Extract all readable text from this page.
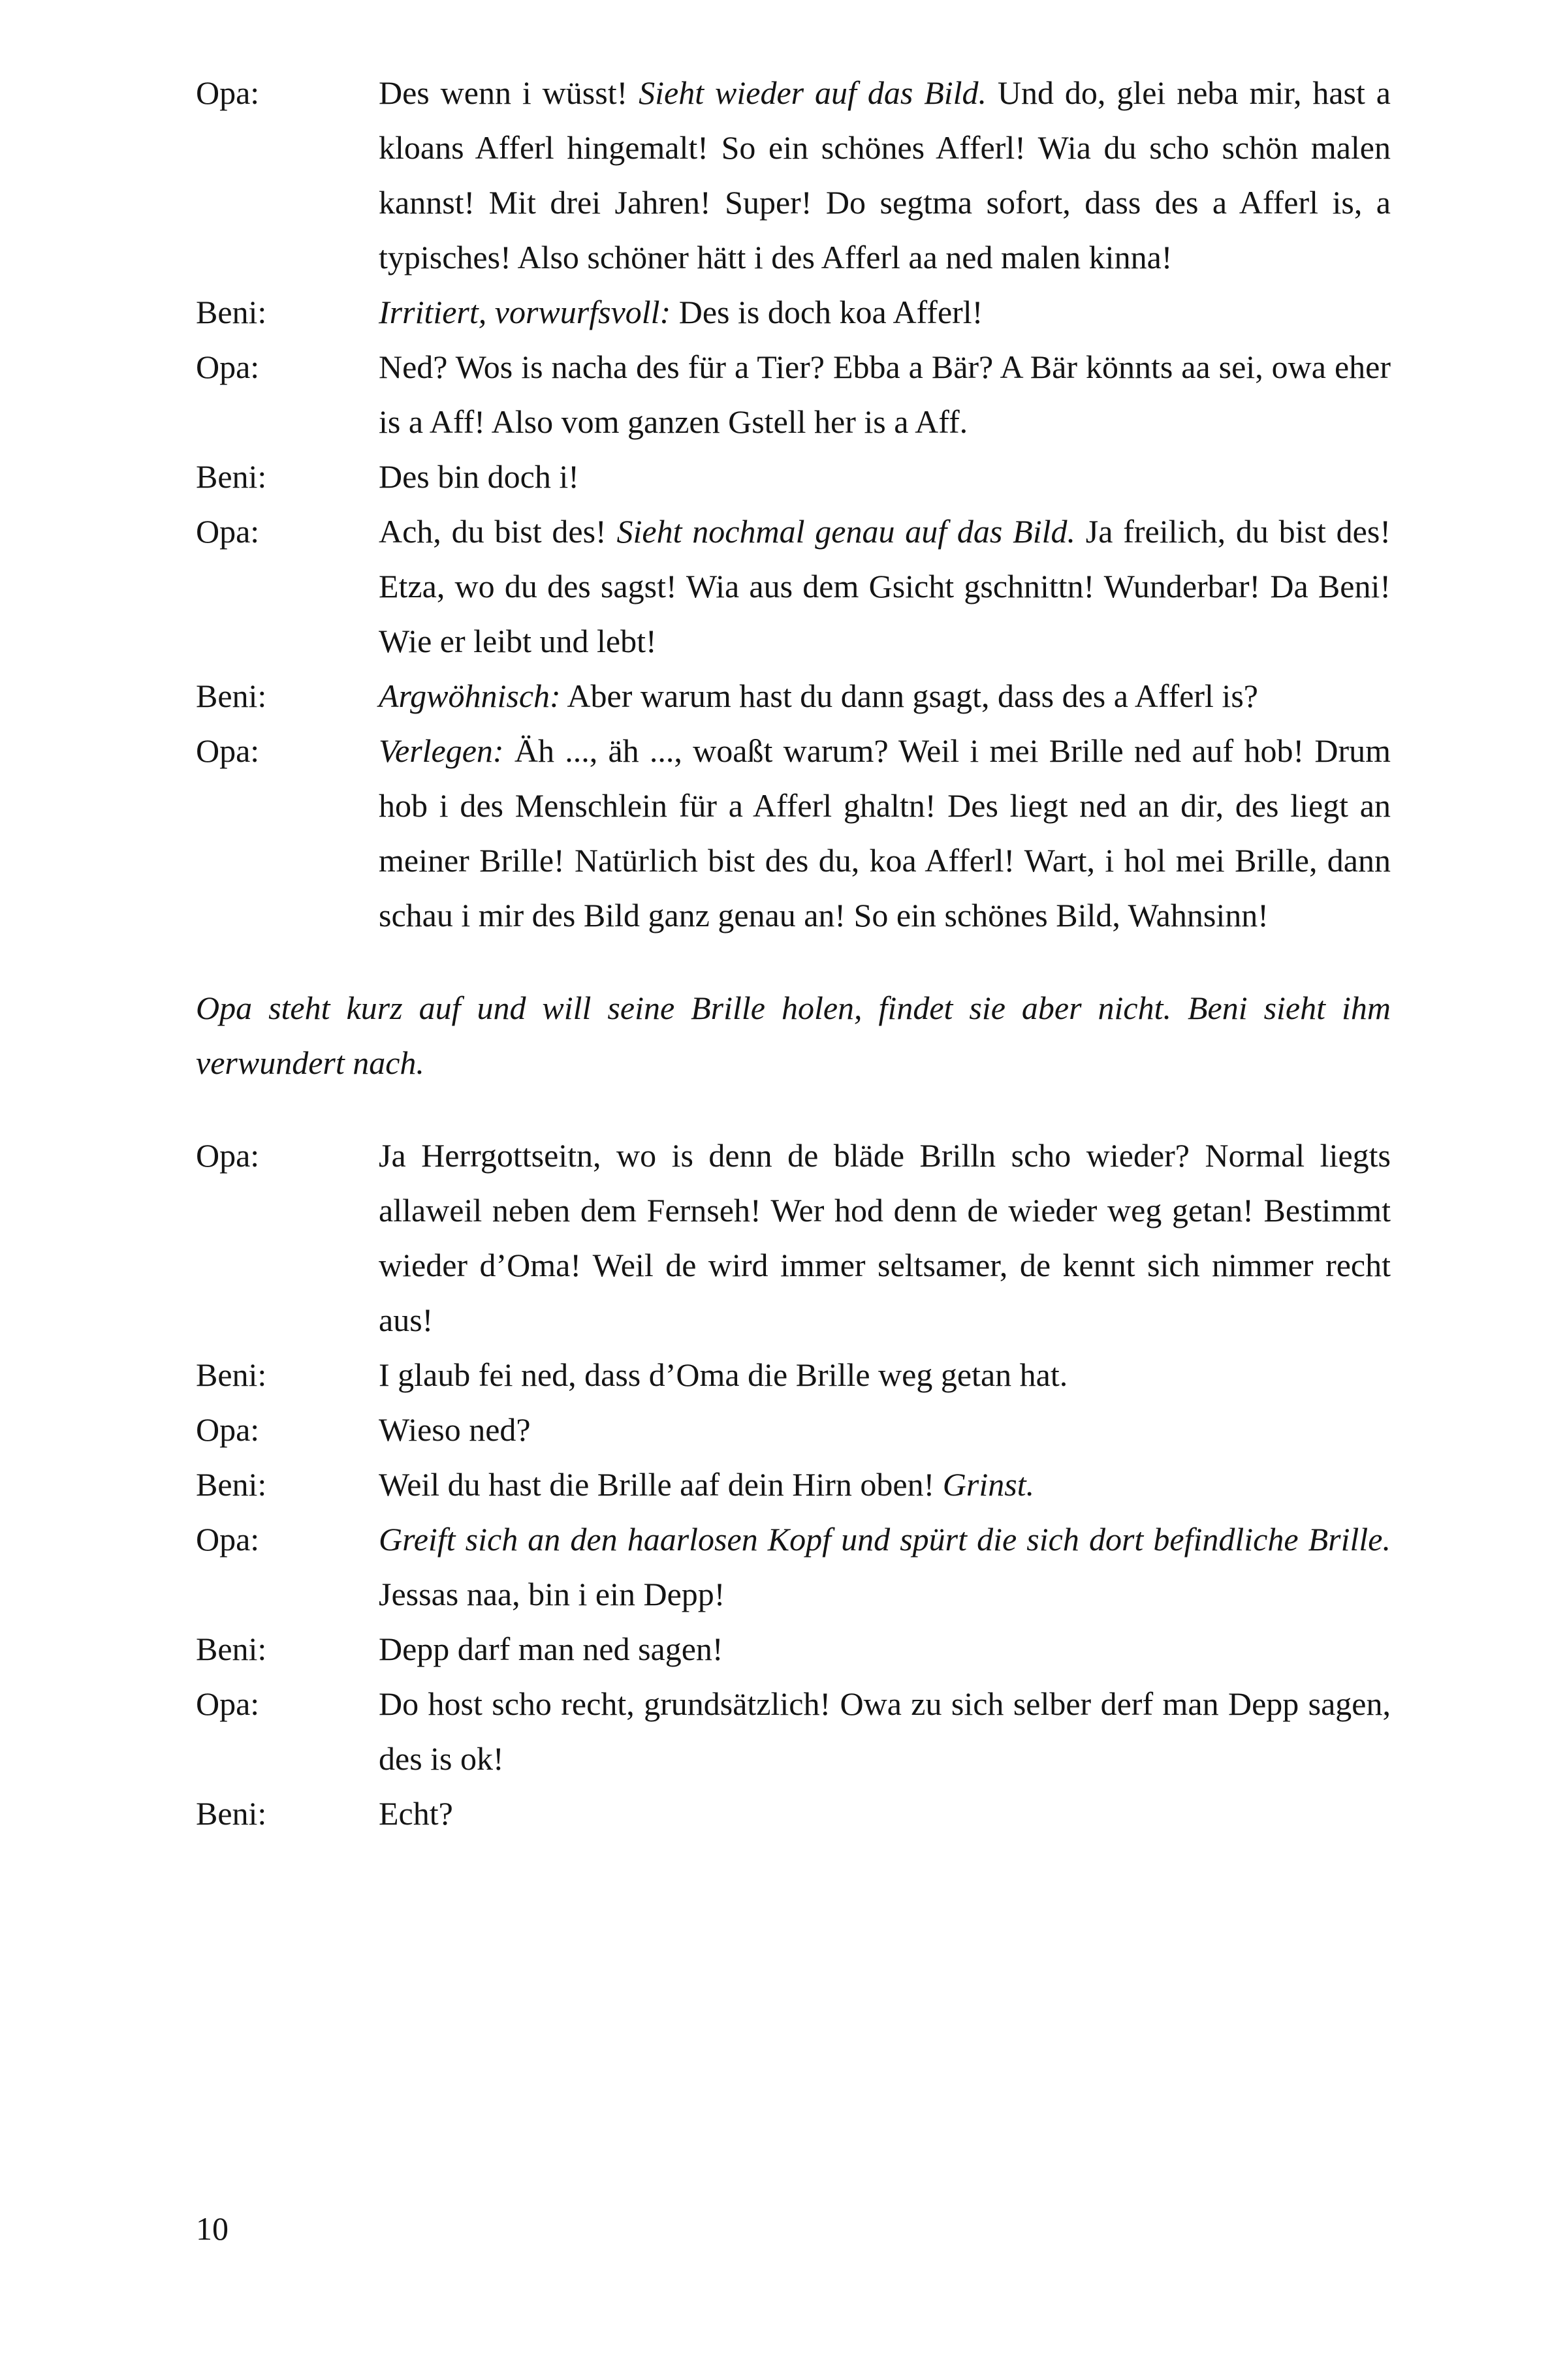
Opa:	Des wenn i wüsst! Sieht wieder auf das Bild. Und do, glei neba mir, hast a kloans Afferl hingemalt! So ein schönes Afferl! Wia du scho schön malen kannst! Mit drei Jahren! Super! Do segtma sofort, dass des a Afferl is, a typisches! Also schöner hätt i des Afferl aa ned malen kinna!
Beni:	Irritiert, vorwurfsvoll: Des is doch koa Afferl!
Opa:	Ned? Wos is nacha des für a Tier? Ebba a Bär? A Bär könnts aa sei, owa eher is a Aff! Also vom ganzen Gstell her is a Aff.
Beni:	Des bin doch i!
Opa:	Ach, du bist des! Sieht nochmal genau auf das Bild. Ja freilich, du bist des! Etza, wo du des sagst! Wia aus dem Gsicht gschnittn! Wunderbar! Da Beni! Wie er leibt und lebt!
Beni:	Argwöhnisch: Aber warum hast du dann gsagt, dass des a Afferl is?
Opa:	Verlegen: Äh ..., äh ..., woaßt warum? Weil i mei Brille ned auf hob! Drum hob i des Menschlein für a Afferl ghaltn! Des liegt ned an dir, des liegt an meiner Brille! Natürlich bist des du, koa Afferl! Wart, i hol mei Brille, dann schau i mir des Bild ganz genau an! So ein schönes Bild, Wahnsinn!

Opa steht kurz auf und will seine Brille holen, findet sie aber nicht. Beni sieht ihm verwundert nach.

Opa:	Ja Herrgottseitn, wo is denn de bläde Brilln scho wieder? Normal liegts allaweil neben dem Fernseh! Wer hod denn de wieder weg getan! Bestimmt wieder d’Oma! Weil de wird immer seltsamer, de kennt sich nimmer recht aus!
Beni:	I glaub fei ned, dass d’Oma die Brille weg getan hat.
Opa:	Wieso ned?
Beni:	Weil du hast die Brille aaf dein Hirn oben! Grinst.
Opa:	Greift sich an den haarlosen Kopf und spürt die sich dort befindliche Brille. Jessas naa, bin i ein Depp!
Beni:	Depp darf man ned sagen!
Opa:	Do host scho recht, grundsätzlich! Owa zu sich selber derf man Depp sagen, des is ok!
Beni:	Echt?
10
